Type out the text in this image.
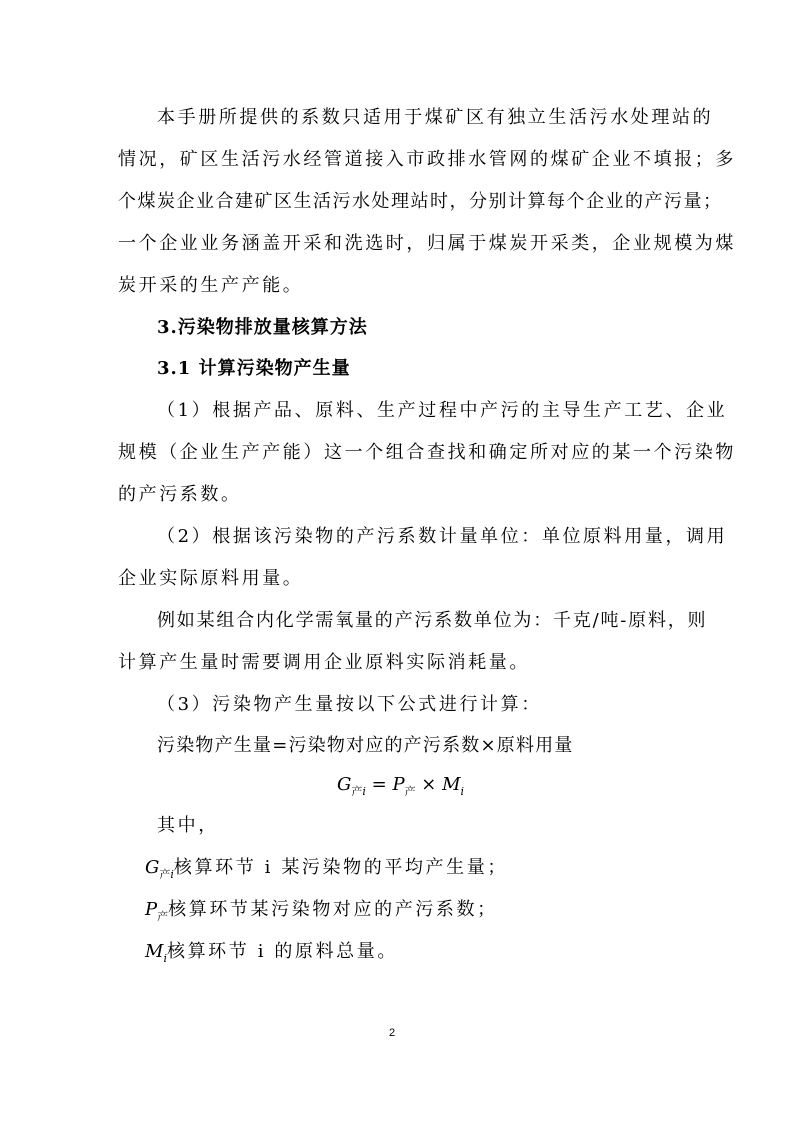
本手册所提供的系数只适用于煤矿区有独立生活污水处理站的
情况，矿区生活污水经管道接入市政排水管网的煤矿企业不填报；多
个煤炭企业合建矿区生活污水处理站时，分别计算每个企业的产污量；
一个企业业务涵盖开采和洗选时，归属于煤炭开采类，企业规模为煤
炭开采的生产产能。
3.污染物排放量核算方法
3.1 计算污染物产生量
（1）根据产品、原料、生产过程中产污的主导生产工艺、企业
规模（企业生产产能）这一个组合查找和确定所对应的某一个污染物
的产污系数。
（2）根据该污染物的产污系数计量单位：单位原料用量，调用
企业实际原料用量。
例如某组合内化学需氧量的产污系数单位为：千克/吨-原料，则
计算产生量时需要调用企业原料实际消耗量。
（3）污染物产生量按以下公式进行计算：
污染物产生量=污染物对应的产污系数×原料用量
$G_{产i} = P_产 \times M_i$
其中，
$G_{产i}$核算环节 i 某污染物的平均产生量；
$P_产$核算环节某污染物对应的产污系数；
$M_i$核算环节 i 的原料总量。
2
